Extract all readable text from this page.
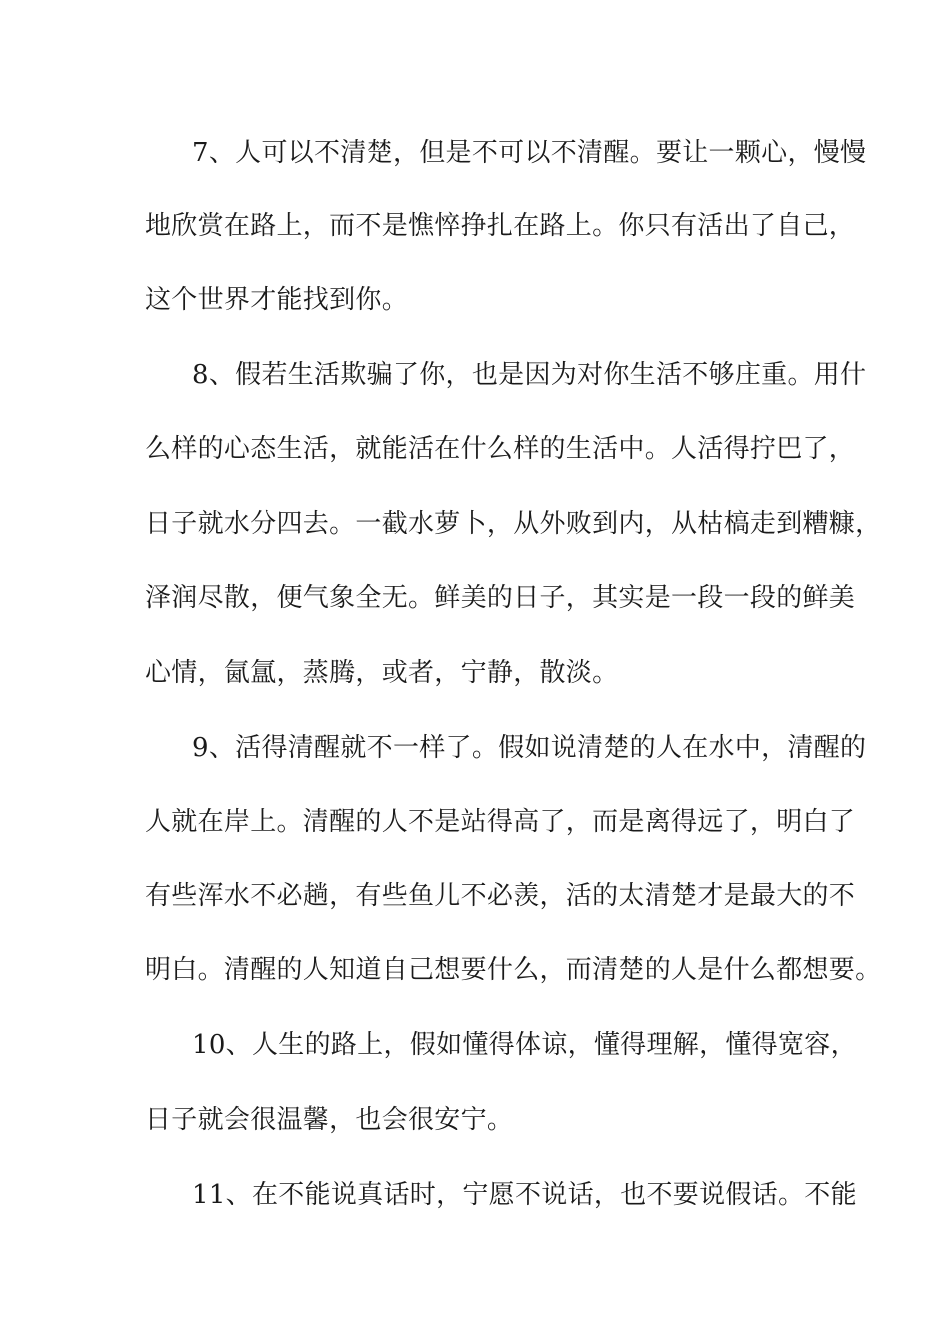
7、人可以不清楚，但是不可以不清醒。要让一颗心，慢慢
地欣赏在路上，而不是憔悴挣扎在路上。你只有活出了自己，
这个世界才能找到你。
8、假若生活欺骗了你，也是因为对你生活不够庄重。用什
么样的心态生活，就能活在什么样的生活中。人活得拧巴了，
日子就水分四去。一截水萝卜，从外败到内，从枯槁走到糟糠，
泽润尽散，便气象全无。鲜美的日子，其实是一段一段的鲜美
心情，氤氲，蒸腾，或者，宁静，散淡。
9、活得清醒就不一样了。假如说清楚的人在水中，清醒的
人就在岸上。清醒的人不是站得高了，而是离得远了，明白了
有些浑水不必趟，有些鱼儿不必羡，活的太清楚才是最大的不
明白。清醒的人知道自己想要什么，而清楚的人是什么都想要。
10、人生的路上，假如懂得体谅，懂得理解，懂得宽容，
日子就会很温馨，也会很安宁。
11、在不能说真话时，宁愿不说话，也不要说假话。不能
